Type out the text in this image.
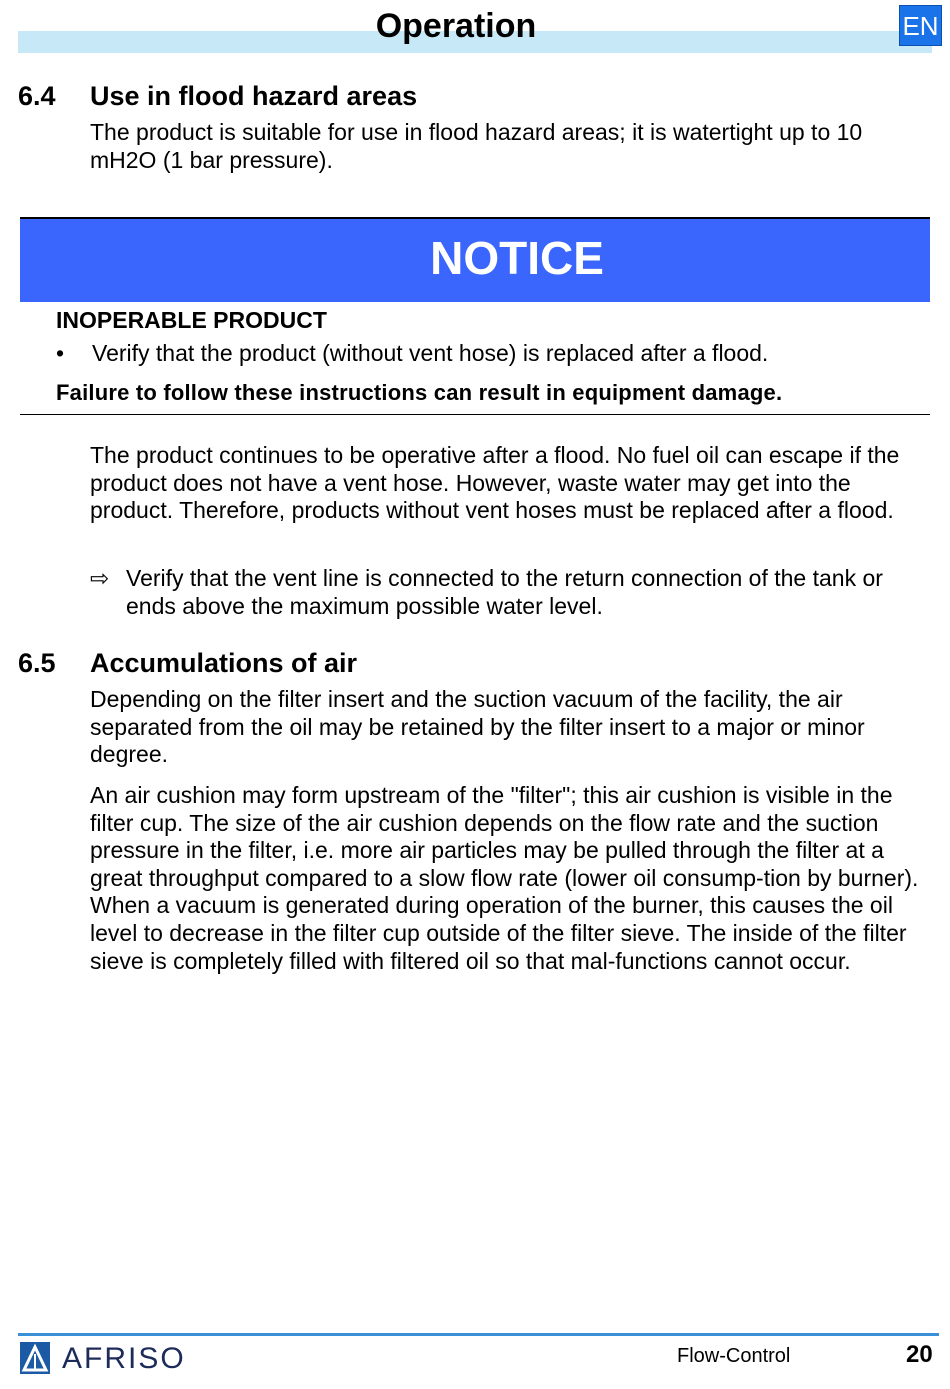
Operation	EN
6.4 Use in flood hazard areas
The product is suitable for use in flood hazard areas; it is watertight up to 10 mH2O (1 bar pressure).
NOTICE
INOPERABLE PRODUCT
• Verify that the product (without vent hose) is replaced after a flood.
Failure to follow these instructions can result in equipment damage.
The product continues to be operative after a flood. No fuel oil can escape if the product does not have a vent hose. However, waste water may get into the product. Therefore, products without vent hoses must be replaced after a flood.
⇨ Verify that the vent line is connected to the return connection of the tank or ends above the maximum possible water level.
6.5 Accumulations of air
Depending on the filter insert and the suction vacuum of the facility, the air separated from the oil may be retained by the filter insert to a major or minor degree.
An air cushion may form upstream of the "filter"; this air cushion is visible in the filter cup. The size of the air cushion depends on the flow rate and the suction pressure in the filter, i.e. more air particles may be pulled through the filter at a great throughput compared to a slow flow rate (lower oil consump-tion by burner). When a vacuum is generated during operation of the burner, this causes the oil level to decrease in the filter cup outside of the filter sieve. The inside of the filter sieve is completely filled with filtered oil so that mal-functions cannot occur.
AFRISO	Flow-Control	20
